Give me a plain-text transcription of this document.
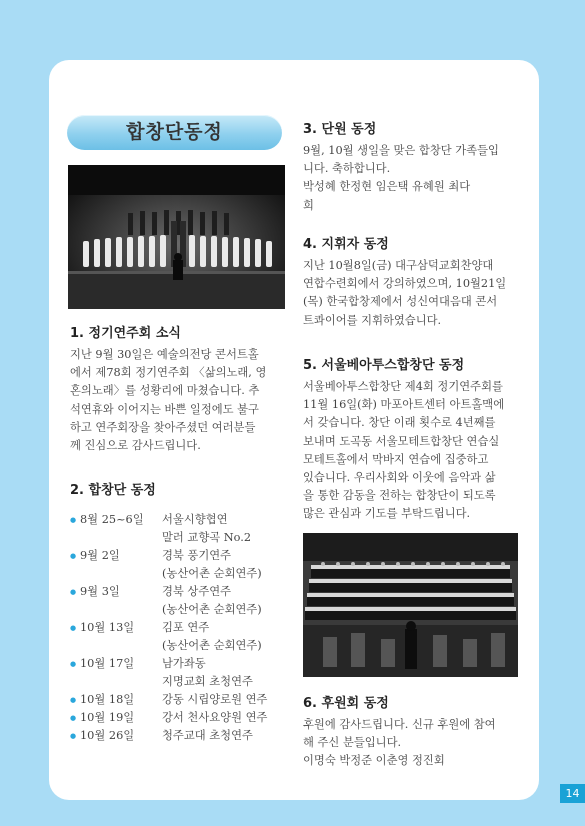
합창단동정
1. 정기연주회 소식
지난 9월 30일은 예술의전당 콘서트홀
에서 제78회 정기연주회 〈삶의노래, 영
혼의노래〉를 성황리에 마쳤습니다. 추
석연휴와 이어지는 바쁜 일정에도 불구
하고 연주회장을 찾아주셨던 여러분들
께 진심으로 감사드립니다.
2. 합창단 동정
● 8월 25~6일 서울시향협연
말러 교향곡 No.2
● 9월 2일	경북 풍기연주
(농산어촌 순회연주)
● 9월 3일	경북 상주연주
(농산어촌 순회연주)
● 10월 13일 김포 연주
(농산어촌 순회연주)
● 10월 17일 남가좌동
지명교회 초청연주
● 10월 18일 강동 시립양로원 연주
● 10월 19일 강서 천사요양원 연주
● 10월 26일 청주교대 초청연주
3. 단원 동정
9월, 10월 생일을 맞은 합창단 가족들입
니다. 축하합니다.
박성혜 한정현 임은택 유혜원 최다
희
4. 지휘자 동정
지난 10월8일(금) 대구삼덕교회찬양대
연합수련회에서 강의하였으며, 10월21일
(목) 한국합창제에서 성신여대음대 콘서
트콰이어를 지휘하였습니다.
5. 서울베아투스합창단 동정
서울베아투스합창단 제4회 정기연주회를
11월 16일(화) 마포아트센터 아트홀맥에
서 갖습니다. 창단 이래 횟수로 4년째를
보내며 도곡동 서울모테트합창단 연습실
모테트홀에서 막바지 연습에 집중하고
있습니다. 우리사회와 이웃에 음악과 삶
을 통한 감동을 전하는 합창단이 되도록
많은 관심과 기도를 부탁드립니다.
6. 후원회 동정
후원에 감사드립니다. 신규 후원에 참여
해 주신 분들입니다.
이명숙 박정준 이춘영 정진회
14
